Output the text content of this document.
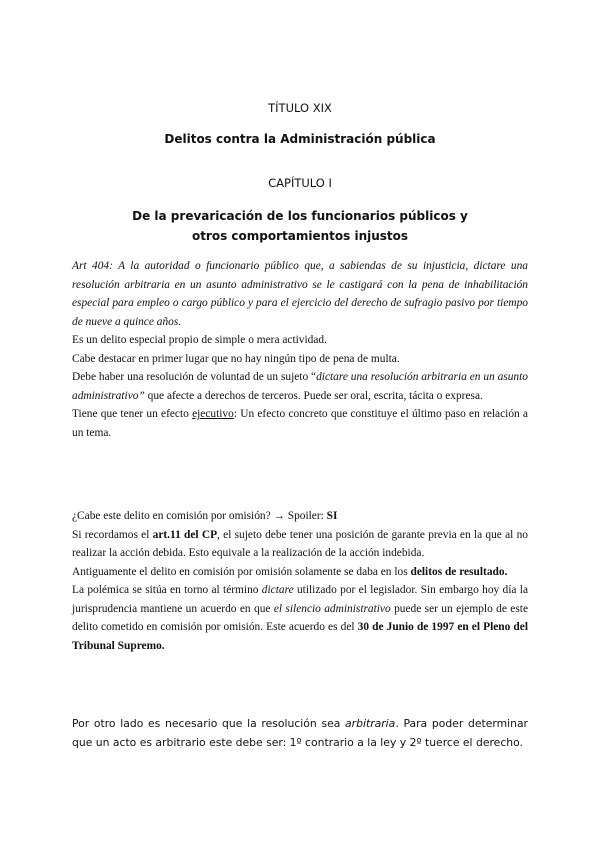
TÍTULO XIX
Delitos contra la Administración pública
CAPÍTULO I
De la prevaricación de los funcionarios públicos y
otros comportamientos injustos

Art 404: A la autoridad o funcionario público que, a sabiendas de su injusticia, dictare una resolución arbitraria en un asunto administrativo se le castigará con la pena de inhabilitación especial para empleo o cargo público y para el ejercicio del derecho de sufragio pasivo por tiempo de nueve a quince años.

Es un delito especial propio de simple o mera actividad.

Cabe destacar en primer lugar que no hay ningún tipo de pena de multa.

Debe haber una resolución de voluntad de un sujeto “dictare una resolución arbitraria en un asunto administrativo” que afecte a derechos de terceros. Puede ser oral, escrita, tácita o expresa.

Tiene que tener un efecto ejecutivo: Un efecto concreto que constituye el último paso en relación a un tema.

¿Cabe este delito en comisión por omisión? → Spoiler: SI

Si recordamos el art.11 del CP, el sujeto debe tener una posición de garante previa en la que al no realizar la acción debida. Esto equivale a la realización de la acción indebida.

Antiguamente el delito en comisión por omisión solamente se daba en los delitos de resultado.

La polémica se sitúa en torno al término dictare utilizado por el legislador. Sin embargo hoy día la jurisprudencia mantiene un acuerdo en que el silencio administrativo puede ser un ejemplo de este delito cometido en comisión por omisión. Este acuerdo es del 30 de Junio de 1997 en el Pleno del Tribunal Supremo.

Por otro lado es necesario que la resolución sea arbitraria. Para poder determinar que un acto es arbitrario este debe ser: 1º contrario a la ley y 2º tuerce el derecho.
